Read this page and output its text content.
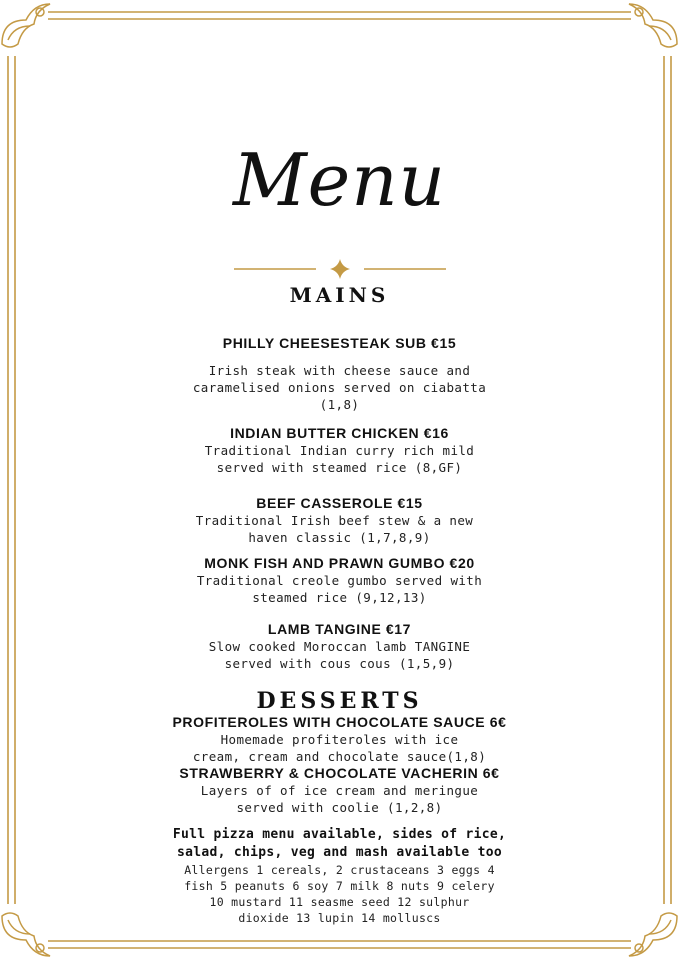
Menu
MAINS
PHILLY CHEESESTEAK SUB €15
Irish steak with cheese sauce and
caramelised onions served on ciabatta
(1,8)
INDIAN BUTTER CHICKEN €16
Traditional Indian curry rich mild
served with steamed rice (8,GF)
BEEF CASSEROLE €15
Traditional Irish beef stew & a new
haven classic (1,7,8,9)
MONK FISH AND PRAWN GUMBO €20
Traditional creole gumbo served with
steamed rice (9,12,13)
LAMB TANGINE €17
Slow cooked Moroccan lamb TANGINE
served with cous cous (1,5,9)
DESSERTS
PROFITEROLES WITH CHOCOLATE SAUCE 6€
Homemade profiteroles with ice
cream, cream and chocolate sauce(1,8)
STRAWBERRY & CHOCOLATE VACHERIN 6€
Layers of of ice cream and meringue
served with coolie (1,2,8)
Full pizza menu available, sides of rice,
salad, chips, veg and mash available too
Allergens 1 cereals, 2 crustaceans 3 eggs 4
fish 5 peanuts 6 soy 7 milk 8 nuts 9 celery
10 mustard 11 seasme seed 12 sulphur
dioxide 13 lupin 14 molluscs
